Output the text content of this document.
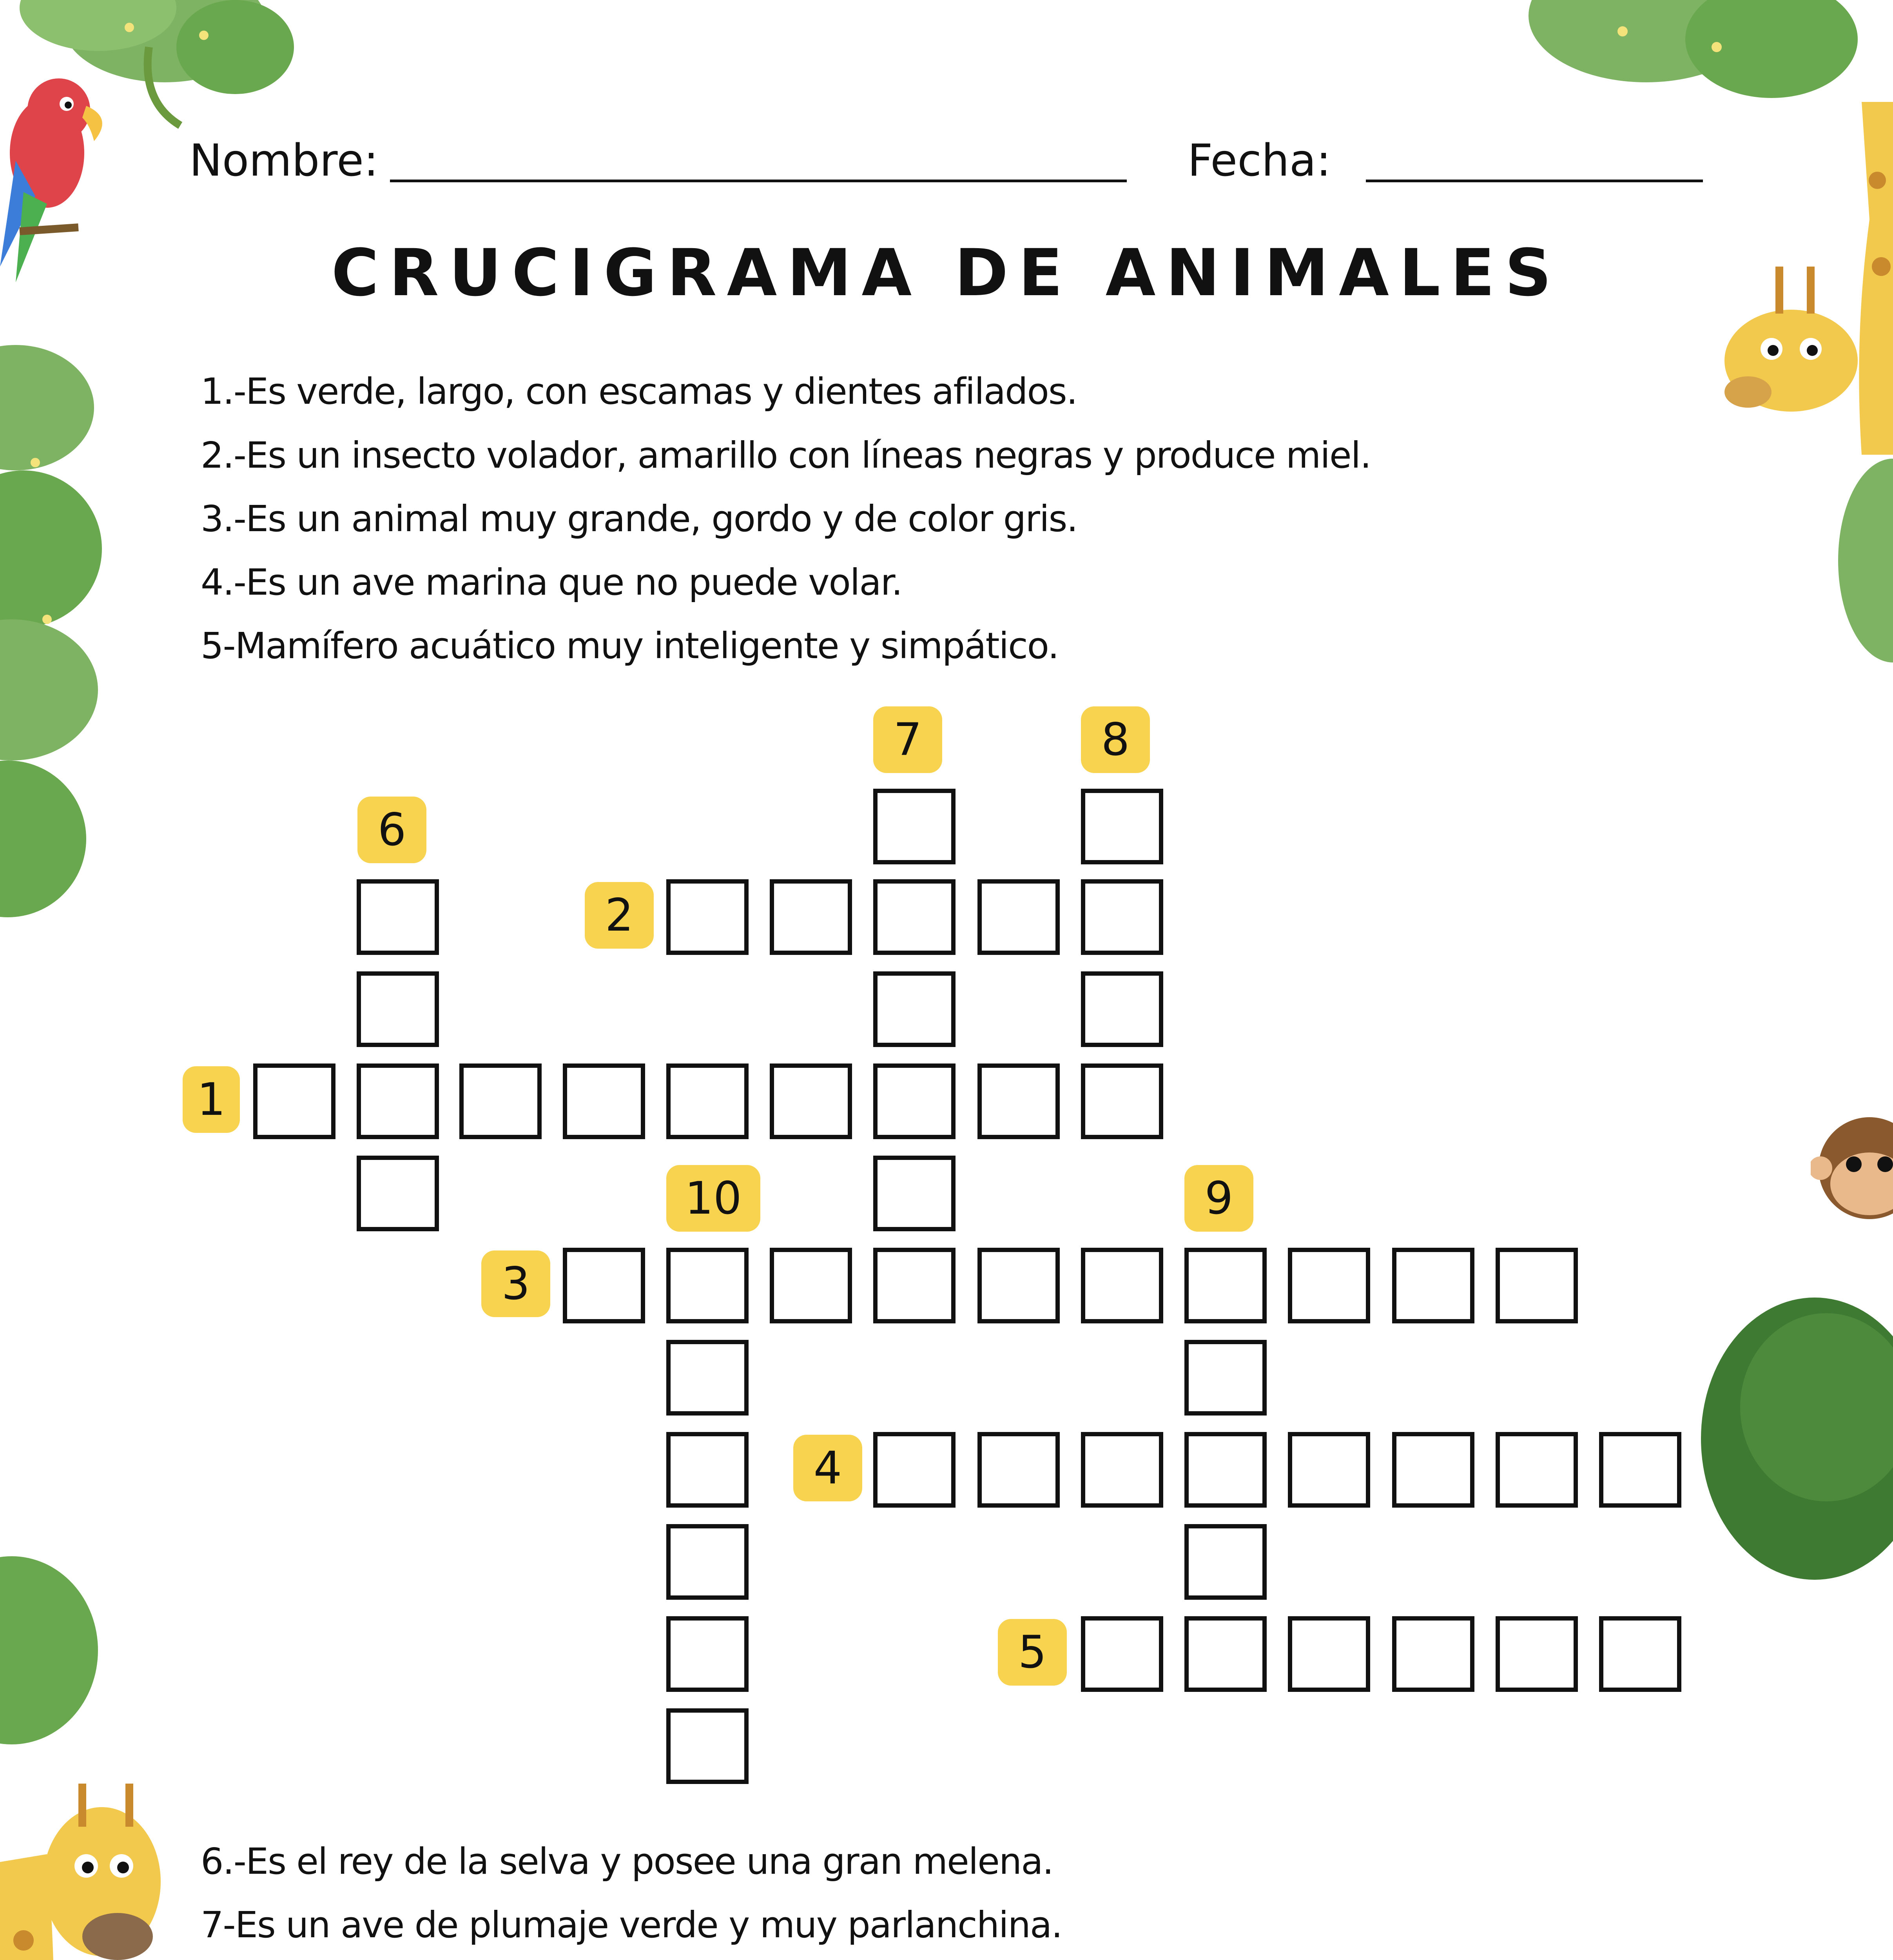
Nombre:	Fecha:
CRUCIGRAMA DE ANIMALES
1.-Es verde, largo, con escamas y dientes afilados.
2.-Es un insecto volador, amarillo con líneas negras y produce miel.
3.-Es un animal muy grande, gordo y de color gris.
4.-Es un ave marina que no puede volar.
5-Mamífero acuático muy inteligente y simpático.
1
2
3
4
5
6
7	8
9
10
6.-Es el rey de la selva y posee una gran melena.
7-Es un ave de plumaje verde y muy parlanchina.
